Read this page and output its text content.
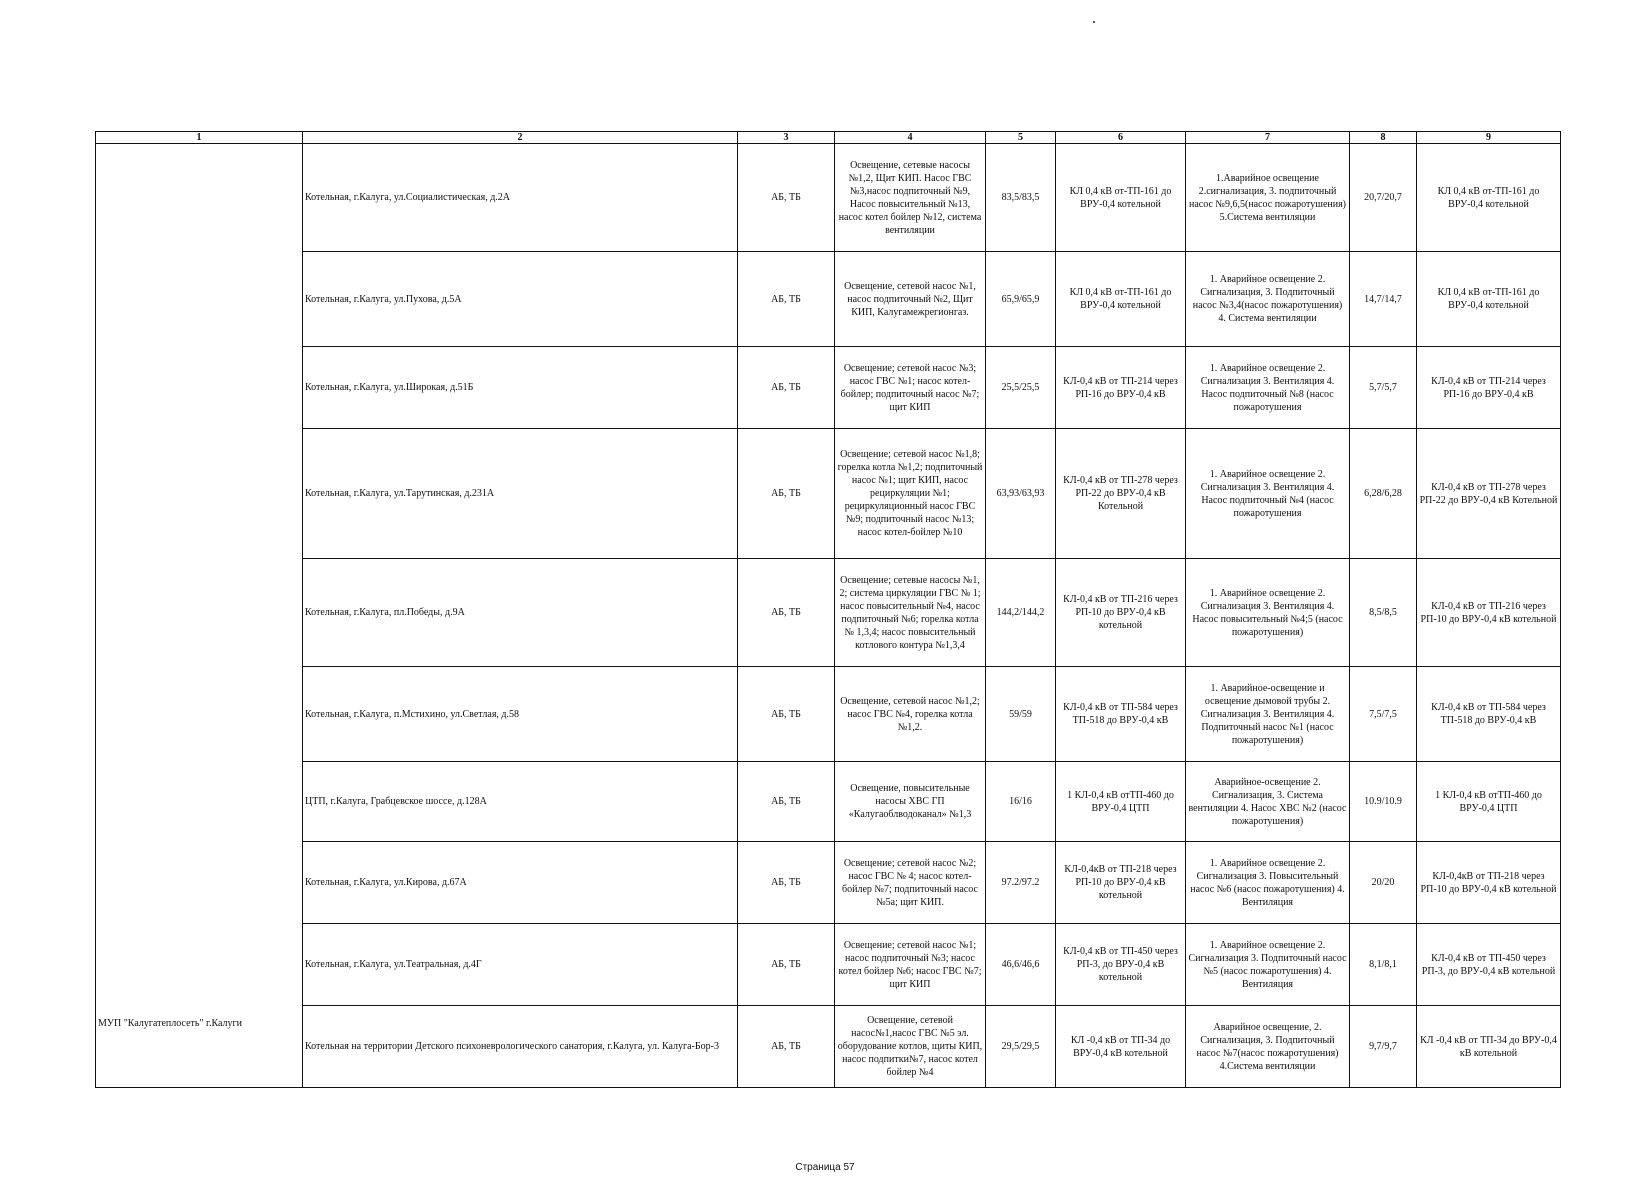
1	2	3	4	5	6	7	8	9

МУП "Калугатеплосеть" г.Калуги	Котельная, г.Калуга, ул.Социалистическая, д.2А	АБ, ТБ	Освещение, сетевые насосы №1,2, Щит КИП. Насос ГВС №3,насос подпиточный №9, Насос повысительный №13, насос котел бойлер №12, система вентиляции	83,5/83,5	КЛ 0,4 кВ от-ТП-161 до ВРУ-0,4 котельной	1.Аварийное освещение 2.сигнализация, 3. подпиточный насос №9,6,5(насос пожаротушения) 5.Система вентиляции	20,7/20,7	КЛ 0,4 кВ от-ТП-161 до ВРУ-0,4 котельной
	Котельная, г.Калуга, ул.Пухова, д.5А	АБ, ТБ	Освещение, сетевой насос №1, насос подпиточный №2, Щит КИП, Калугамежрегионгаз.	65,9/65,9	КЛ 0,4 кВ от-ТП-161 до ВРУ-0,4 котельной	1. Аварийное освещение 2. Сигнализация, 3. Подпиточный насос №3,4(насос пожаротушения) 4. Система вентиляции	14,7/14,7	КЛ 0,4 кВ от-ТП-161 до ВРУ-0,4 котельной
	Котельная, г.Калуга, ул.Широкая, д.51Б	АБ, ТБ	Освещение; сетевой насос №3; насос ГВС №1; насос котел-бойлер; подпиточный насос №7; щит КИП	25,5/25,5	КЛ-0,4 кВ от ТП-214 через РП-16 до ВРУ-0,4 кВ	1. Аварийное освещение 2. Сигнализация 3. Вентиляция 4. Насос подпиточный №8 (насос пожаротушения	5,7/5,7	КЛ-0,4 кВ от ТП-214 через РП-16 до ВРУ-0,4 кВ
	Котельная, г.Калуга, ул.Тарутинская, д.231А	АБ, ТБ	Освещение; сетевой насос №1,8; горелка котла №1,2; подпиточный насос №1; щит КИП, насос рециркуляции №1; рециркуляционный насос ГВС №9; подпиточный насос №13; насос котел-бойлер №10	63,93/63,93	КЛ-0,4 кВ от ТП-278 через РП-22 до ВРУ-0,4 кВ Котельной	1. Аварийное освещение 2. Сигнализация 3. Вентиляция 4. Насос подпиточный №4 (насос пожаротушения	6,28/6,28	КЛ-0,4 кВ от ТП-278 через РП-22 до ВРУ-0,4 кВ Котельной
	Котельная, г.Калуга, пл.Победы, д.9А	АБ, ТБ	Освещение; сетевые насосы №1, 2; система циркуляции ГВС № 1; насос повысительный №4, насос подпиточный №6; горелка котла № 1,3,4; насос повысительный котлового контура №1,3,4	144,2/144,2	КЛ-0,4 кВ от ТП-216 через РП-10 до ВРУ-0,4 кВ котельной	1. Аварийное освещение 2. Сигнализация 3. Вентиляция 4. Насос повысительный №4;5 (насос пожаротушения)	8,5/8,5	КЛ-0,4 кВ от ТП-216 через РП-10 до ВРУ-0,4 кВ котельной
	Котельная, г.Калуга, п.Мстихино, ул.Светлая, д.58	АБ, ТБ	Освещение, сетевой насос №1,2; насос ГВС №4, горелка котла №1,2.	59/59	КЛ-0,4 кВ от ТП-584 через ТП-518 до ВРУ-0,4 кВ	1. Аварийное-освещение и освещение дымовой трубы 2. Сигнализация 3. Вентиляция 4. Подпиточный насос №1 (насос пожаротушения)	7,5/7,5	КЛ-0,4 кВ от ТП-584 через ТП-518 до ВРУ-0,4 кВ
	ЦТП, г.Калуга, Грабцевское шоссе, д.128А	АБ, ТБ	Освещение, повысительные насосы ХВС ГП «Калугаоблводоканал» №1,3	16/16	1 КЛ-0,4 кВ отТП-460 до ВРУ-0,4 ЦТП	Аварийное-освещение 2. Сигнализация, 3. Система вентиляции 4. Насос ХВС №2 (насос пожаротушения)	10.9/10.9	1 КЛ-0,4 кВ отТП-460 до ВРУ-0,4 ЦТП
	Котельная, г.Калуга, ул.Кирова, д.67А	АБ, ТБ	Освещение; сетевой насос №2; насос ГВС № 4; насос котел-бойлер №7; подпиточный насос №5а; щит КИП.	97.2/97.2	КЛ-0,4кВ от ТП-218 через РП-10 до ВРУ-0,4 кВ котельной	1. Аварийное освещение 2. Сигнализация 3. Повысительный насос №6 (насос пожаротушения) 4. Вентиляция	20/20	КЛ-0,4кВ от ТП-218 через РП-10 до ВРУ-0,4 кВ котельной
	Котельная, г.Калуга, ул.Театральная, д.4Г	АБ, ТБ	Освещение; сетевой насос №1; насос подпиточный №3; насос котел бойлер №6; насос ГВС №7; щит КИП	46,6/46,6	КЛ-0,4 кВ от ТП-450 через РП-3, до ВРУ-0,4 кВ котельной	1. Аварийное освещение 2. Сигнализация 3. Подпиточный насос №5 (насос пожаротушения) 4. Вентиляция	8,1/8,1	КЛ-0,4 кВ от ТП-450 через РП-3, до ВРУ-0,4 кВ котельной
	Котельная на территории Детского психоневрологического санатория, г.Калуга, ул. Калуга-Бор-3	АБ, ТБ	Освещение, сетевой насос№1,насос ГВС №5 эл. оборудование котлов, щиты КИП, насос подпитки№7, насос котел бойлер №4	29,5/29,5	КЛ -0,4 кВ от ТП-34 до ВРУ-0,4 кВ котельной	Аварийное освещение, 2. Сигнализация, 3. Подпиточный насос №7(насос пожаротушения) 4.Система вентиляции	9,7/9,7	КЛ -0,4 кВ от ТП-34 до ВРУ-0,4 кВ котельной
Страница 57
